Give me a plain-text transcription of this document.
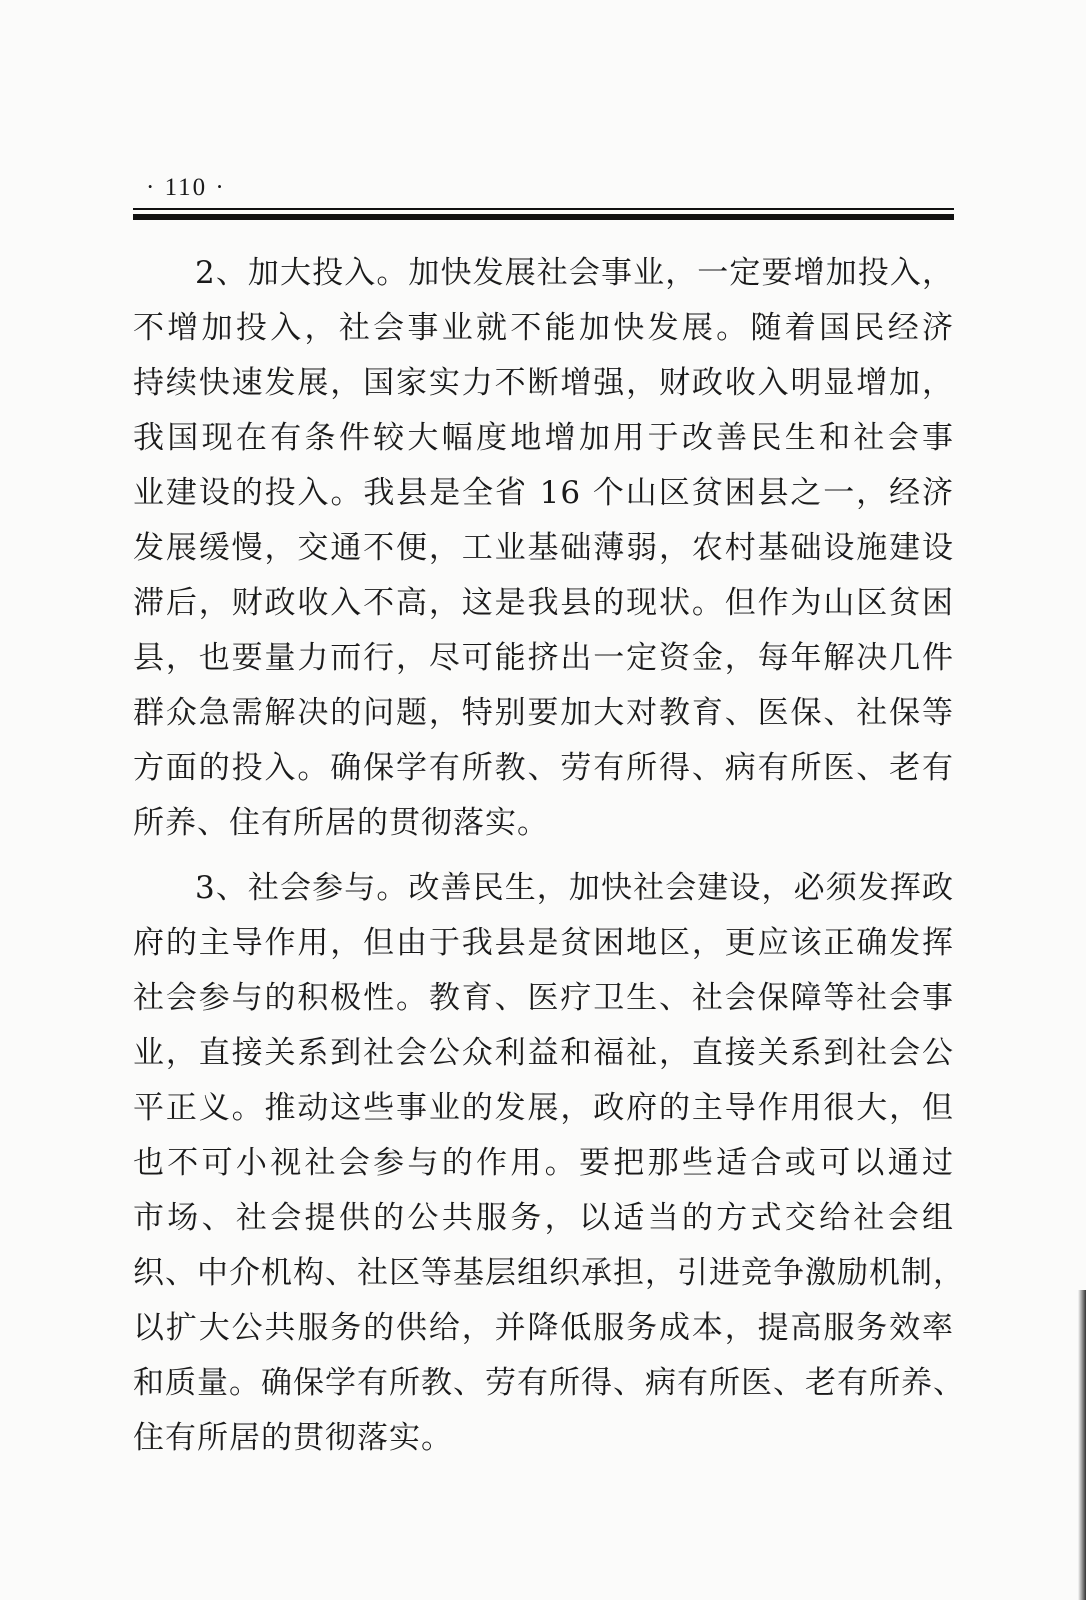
· 110 ·
2、加大投入。加快发展社会事业，一定要增加投入，
不增加投入，社会事业就不能加快发展。随着国民经济
持续快速发展，国家实力不断增强，财政收入明显增加，
我国现在有条件较大幅度地增加用于改善民生和社会事
业建设的投入。我县是全省 16 个山区贫困县之一，经济
发展缓慢，交通不便，工业基础薄弱，农村基础设施建设
滞后，财政收入不高，这是我县的现状。但作为山区贫困
县，也要量力而行，尽可能挤出一定资金，每年解决几件
群众急需解决的问题，特别要加大对教育、医保、社保等
方面的投入。确保学有所教、劳有所得、病有所医、老有
所养、住有所居的贯彻落实。
3、社会参与。改善民生，加快社会建设，必须发挥政
府的主导作用，但由于我县是贫困地区，更应该正确发挥
社会参与的积极性。教育、医疗卫生、社会保障等社会事
业，直接关系到社会公众利益和福祉，直接关系到社会公
平正义。推动这些事业的发展，政府的主导作用很大，但
也不可小视社会参与的作用。要把那些适合或可以通过
市场、社会提供的公共服务，以适当的方式交给社会组
织、中介机构、社区等基层组织承担，引进竞争激励机制，
以扩大公共服务的供给，并降低服务成本，提高服务效率
和质量。确保学有所教、劳有所得、病有所医、老有所养、
住有所居的贯彻落实。
